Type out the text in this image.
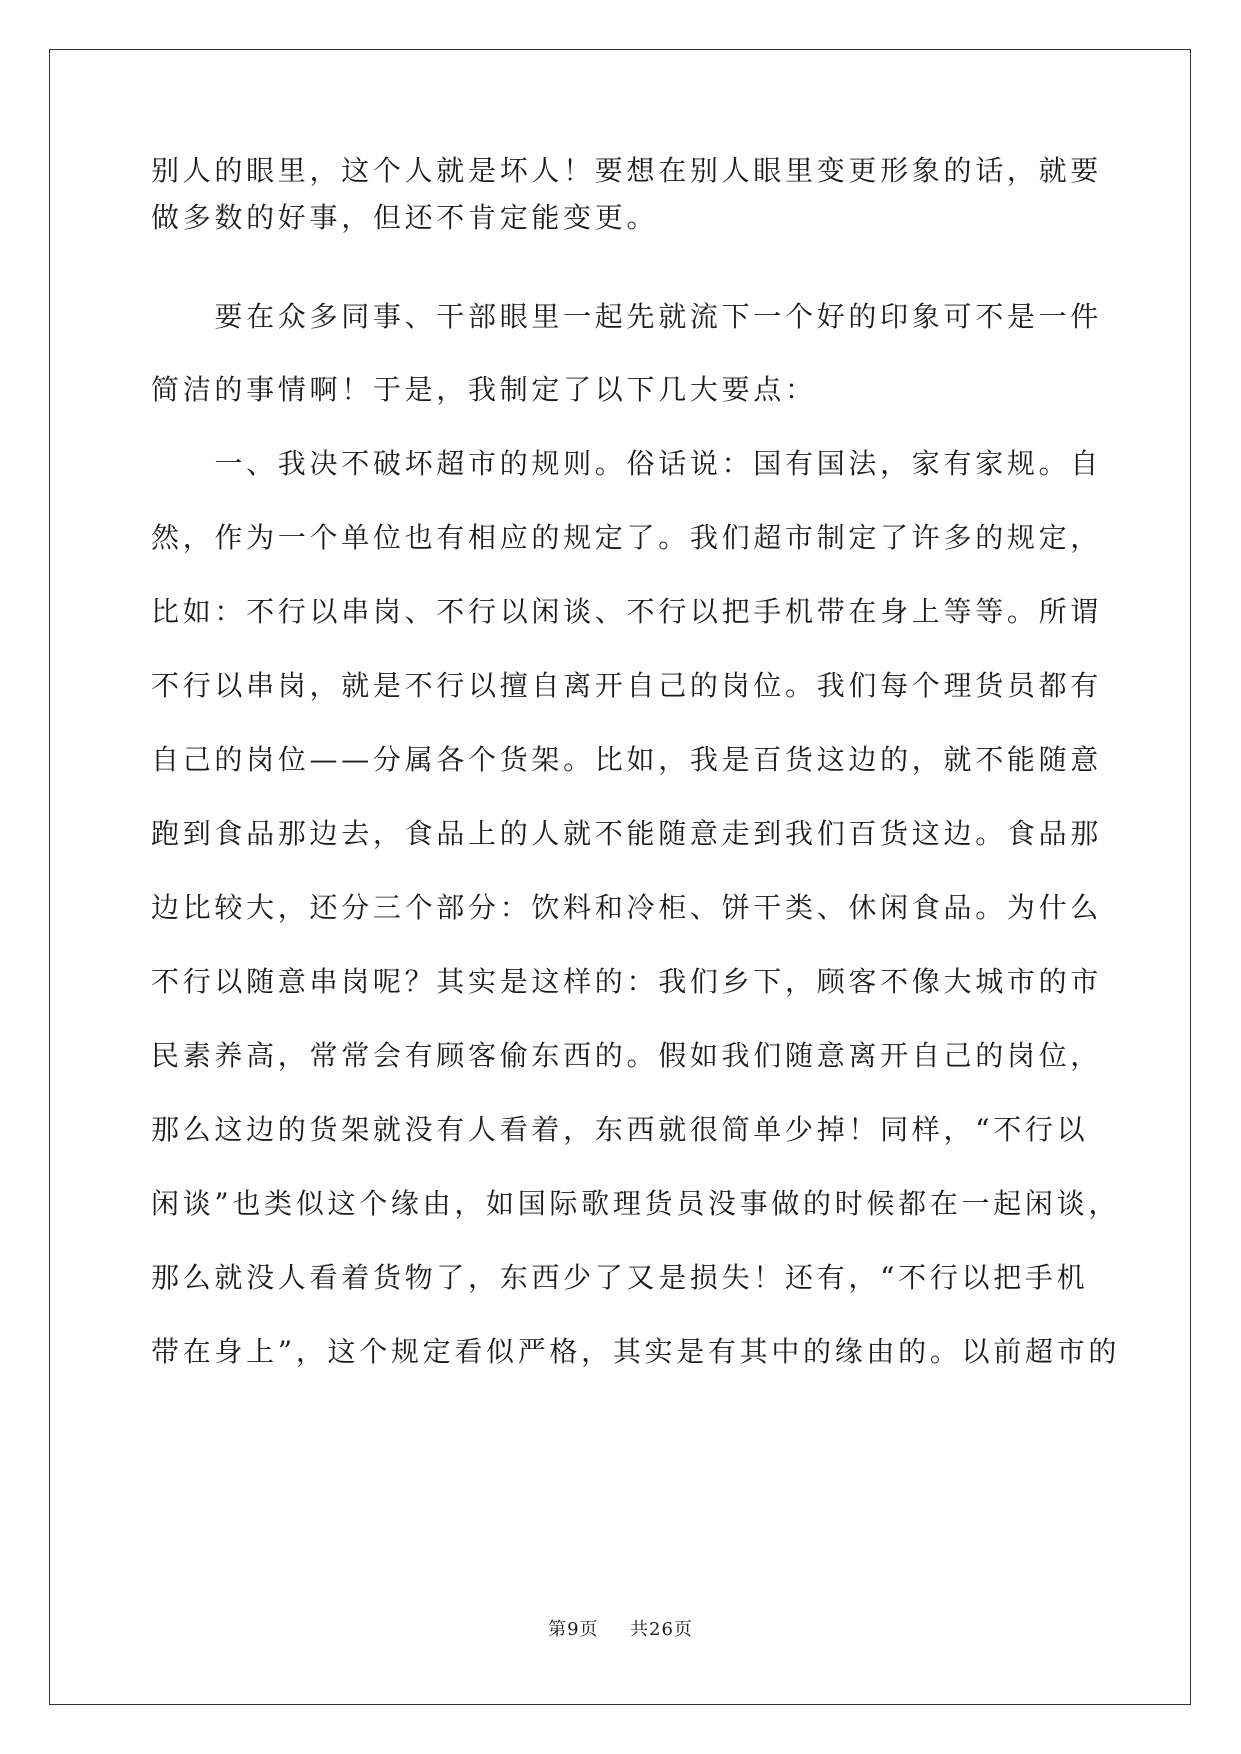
别人的眼里，这个人就是坏人！要想在别人眼里变更形象的话，就要
做多数的好事，但还不肯定能变更。
　　要在众多同事、干部眼里一起先就流下一个好的印象可不是一件
简洁的事情啊！于是，我制定了以下几大要点：
　　一、我决不破坏超市的规则。俗话说：国有国法，家有家规。自
然，作为一个单位也有相应的规定了。我们超市制定了许多的规定，
比如：不行以串岗、不行以闲谈、不行以把手机带在身上等等。所谓
不行以串岗，就是不行以擅自离开自己的岗位。我们每个理货员都有
自己的岗位——分属各个货架。比如，我是百货这边的，就不能随意
跑到食品那边去，食品上的人就不能随意走到我们百货这边。食品那
边比较大，还分三个部分：饮料和冷柜、饼干类、休闲食品。为什么
不行以随意串岗呢？其实是这样的：我们乡下，顾客不像大城市的市
民素养高，常常会有顾客偷东西的。假如我们随意离开自己的岗位，
那么这边的货架就没有人看着，东西就很简单少掉！同样，“不行以
闲谈”也类似这个缘由，如国际歌理货员没事做的时候都在一起闲谈，
那么就没人看着货物了，东西少了又是损失！还有，“不行以把手机
带在身上”，这个规定看似严格，其实是有其中的缘由的。以前超市的
第9页 共26页
